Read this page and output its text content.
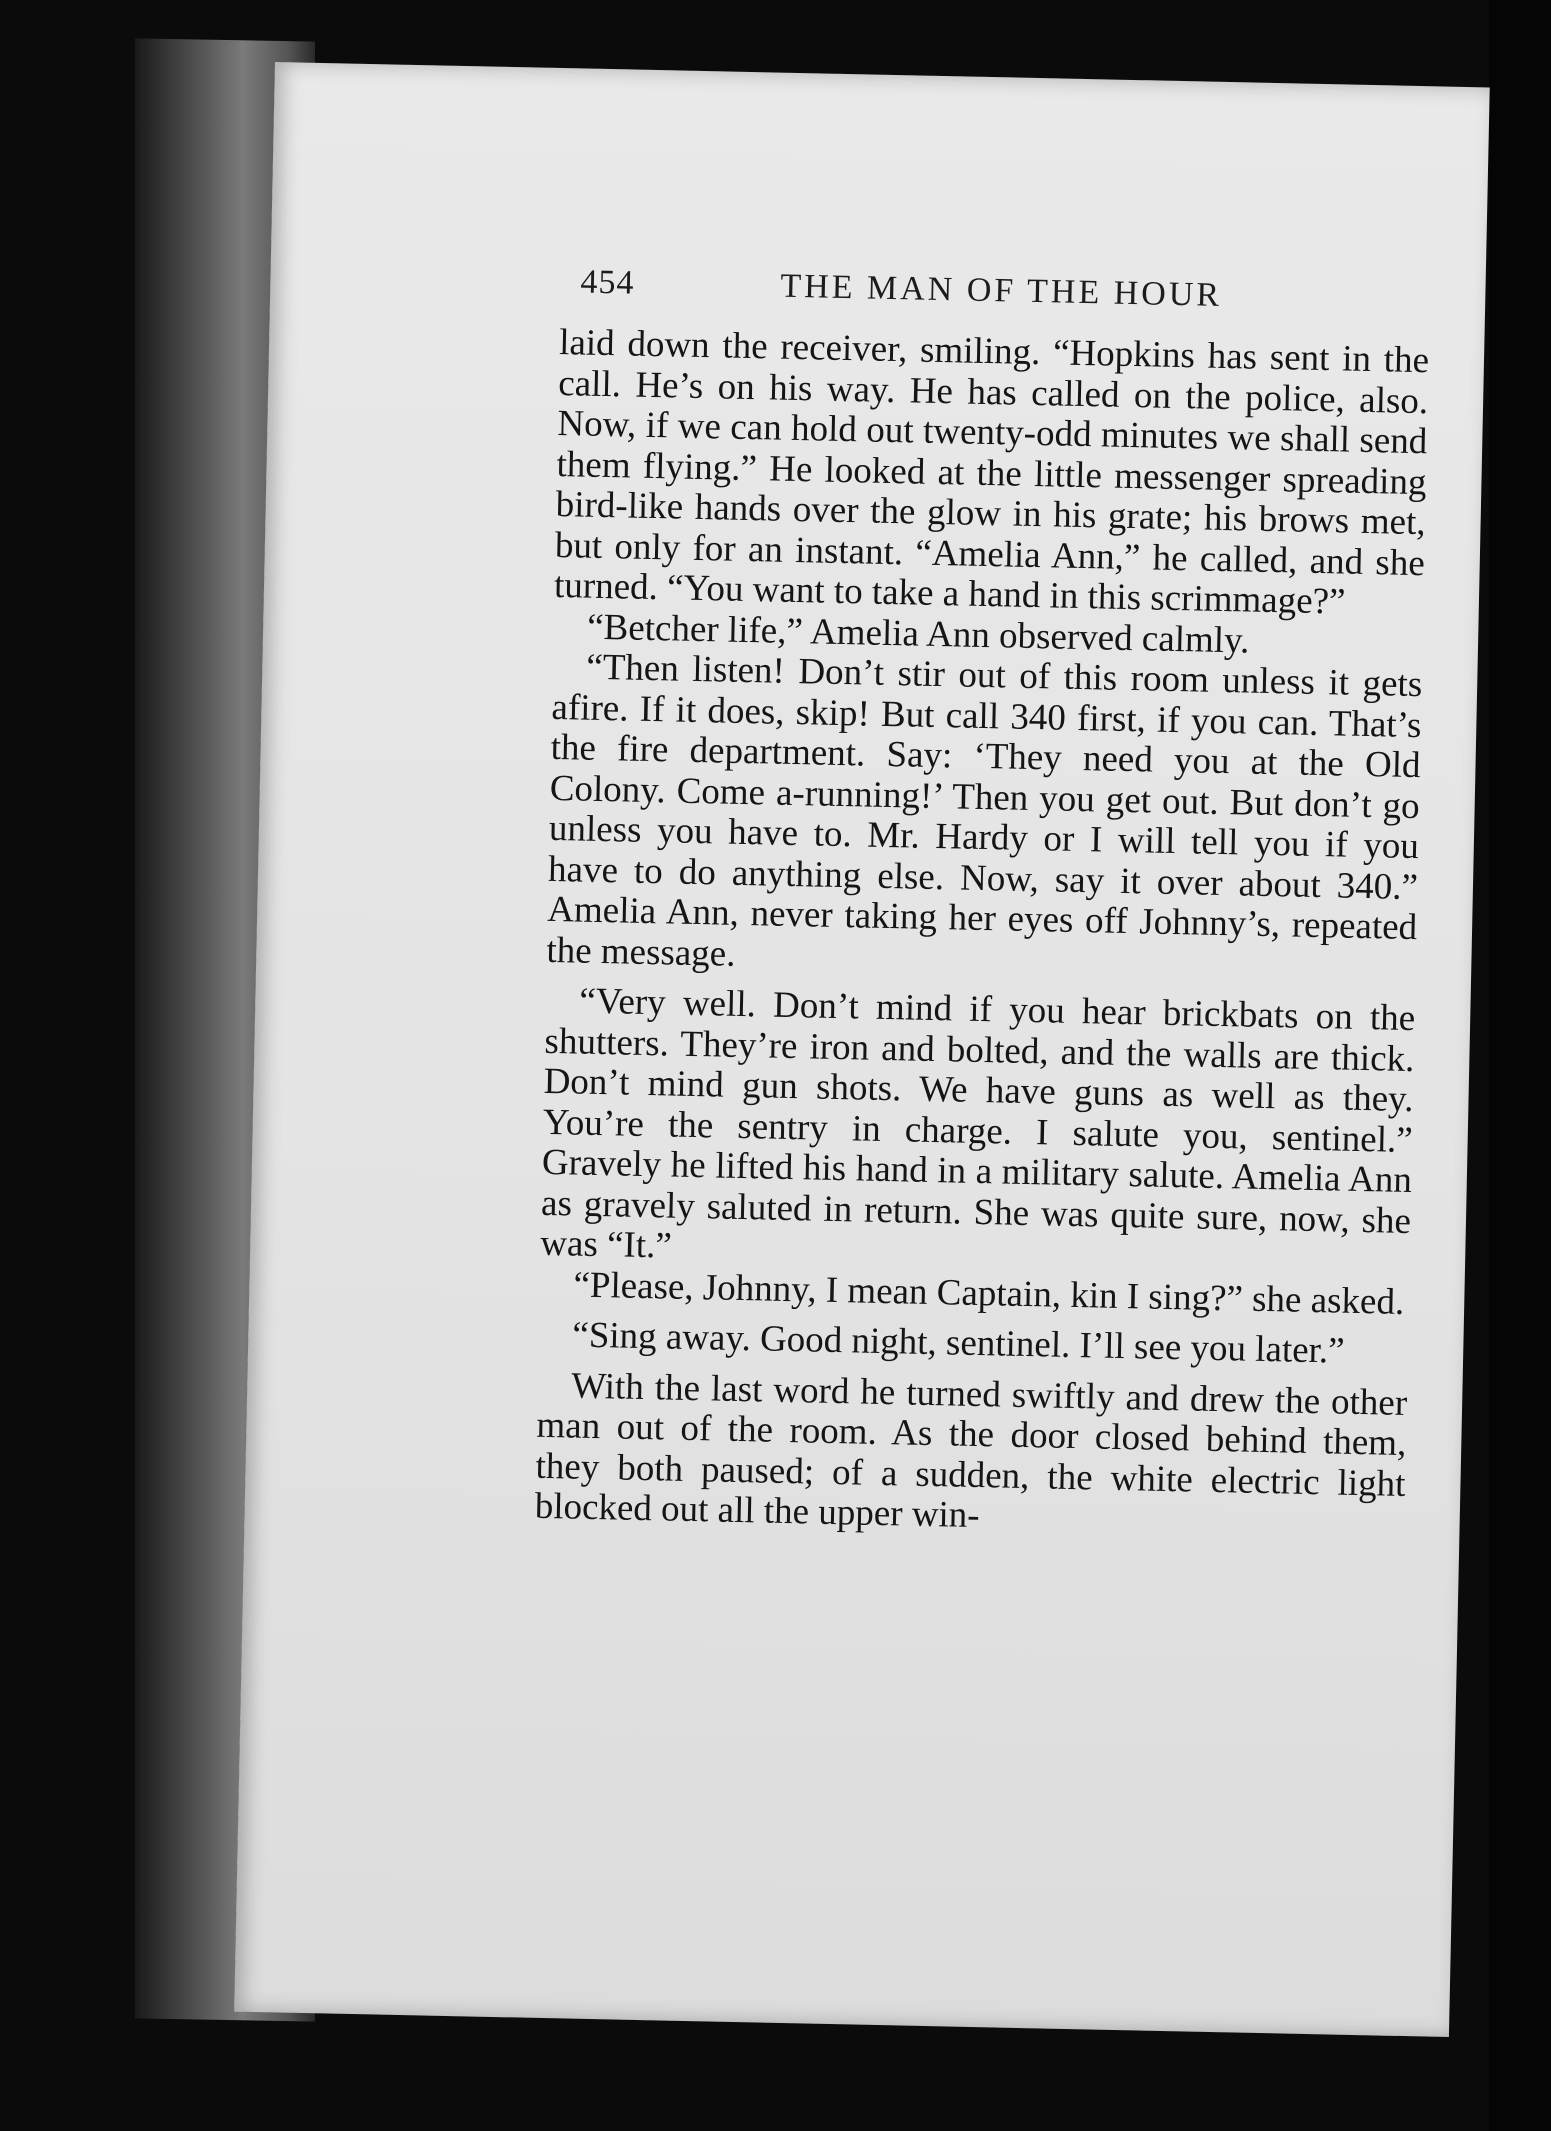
454	THE MAN OF THE HOUR

laid down the receiver, smiling. “Hopkins has sent in the call. He’s on his way. He has called on the police, also. Now, if we can hold out twenty-odd minutes we shall send them flying.” He looked at the little messenger spreading bird-like hands over the glow in his grate; his brows met, but only for an instant. “Amelia Ann,” he called, and she turned. “You want to take a hand in this scrimmage?”

“Betcher life,” Amelia Ann observed calmly.

“Then listen! Don’t stir out of this room unless it gets afire. If it does, skip! But call 340 first, if you can. That’s the fire department. Say: ‘They need you at the Old Colony. Come a-running!’ Then you get out. But don’t go unless you have to. Mr. Hardy or I will tell you if you have to do anything else. Now, say it over about 340.” Amelia Ann, never taking her eyes off Johnny’s, repeated the message.

“Very well. Don’t mind if you hear brickbats on the shutters. They’re iron and bolted, and the walls are thick. Don’t mind gun shots. We have guns as well as they. You’re the sentry in charge. I salute you, sentinel.” Gravely he lifted his hand in a military salute. Amelia Ann as gravely saluted in return. She was quite sure, now, she was “It.”

“Please, Johnny, I mean Captain, kin I sing?” she asked.

“Sing away. Good night, sentinel. I’ll see you later.”

With the last word he turned swiftly and drew the other man out of the room. As the door closed behind them, they both paused; of a sudden, the white electric light blocked out all the upper win-
